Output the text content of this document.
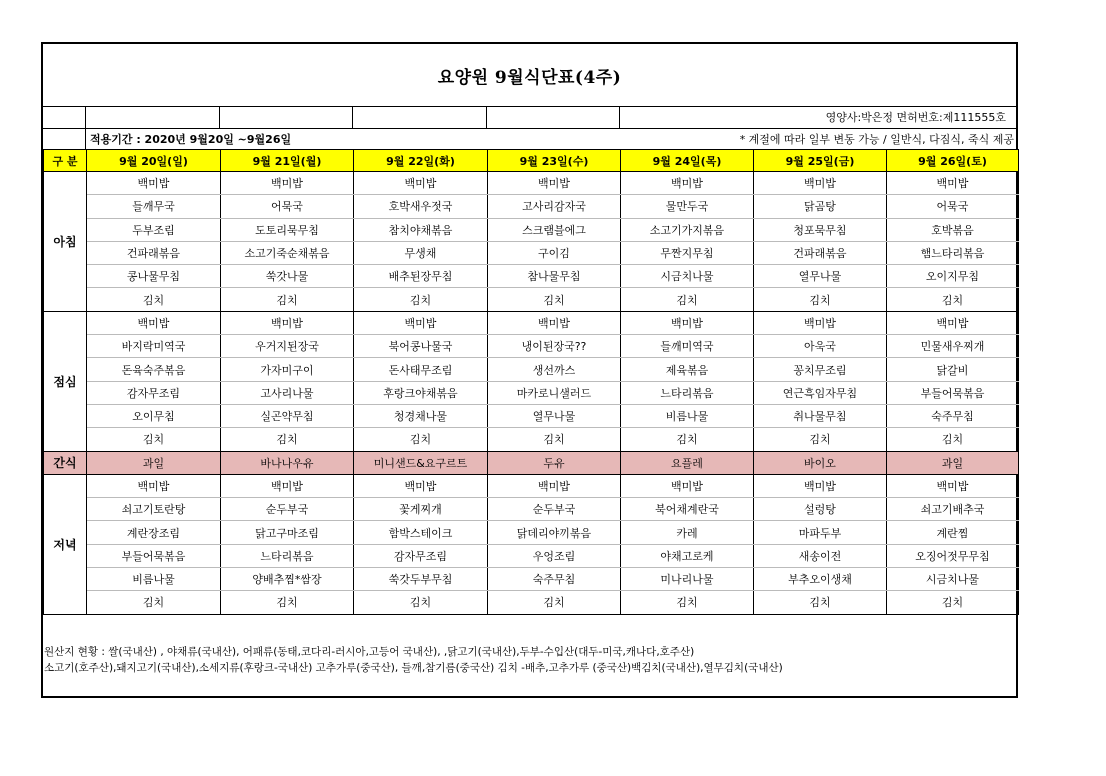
요양원 9월식단표(4주)
영양사:박은정 면허번호:제111555호
적용기간 : 2020년 9월20일 ~9월26일	* 계절에 따라 일부 변동 가능 / 일반식, 다짐식, 죽식 제공
구 분	9월 20일(일)	9월 21일(월)	9월 22일(화)	9월 23일(수)	9월 24일(목)	9월 25일(금)	9월 26일(토)
아침	백미밥	백미밥	백미밥	백미밥	백미밥	백미밥	백미밥
	들깨무국	어묵국	호박새우젓국	고사리감자국	물만두국	닭곰탕	어묵국
	두부조림	도토리묵무침	참치야채볶음	스크램블에그	소고기가지볶음	청포묵무침	호박볶음
	건파래볶음	소고기죽순채볶음	무생채	구이김	무짠지무침	건파래볶음	햄느타리볶음
	콩나물무침	쑥갓나물	배추된장무침	참나물무침	시금치나물	열무나물	오이지무침
	김치	김치	김치	김치	김치	김치	김치
점심	백미밥	백미밥	백미밥	백미밥	백미밥	백미밥	백미밥
	바지락미역국	우거지된장국	북어콩나물국	냉이된장국??	들깨미역국	아욱국	민물새우찌개
	돈육숙주볶음	가자미구이	돈사태무조림	생선까스	제육볶음	꽁치무조림	닭갈비
	감자무조림	고사리나물	후랑크야채볶음	마카로니샐러드	느타리볶음	연근흑임자무침	부들어묵볶음
	오이무침	실곤약무침	청경채나물	열무나물	비름나물	취나물무침	숙주무침
	김치	김치	김치	김치	김치	김치	김치
간식	과일	바나나우유	미니샌드&요구르트	두유	요플레	바이오	과일
저녁	백미밥	백미밥	백미밥	백미밥	백미밥	백미밥	백미밥
	쇠고기토란탕	순두부국	꽃게찌개	순두부국	북어채계란국	설렁탕	쇠고기배추국
	계란장조림	닭고구마조림	함박스테이크	닭데리야끼볶음	카레	마파두부	계란찜
	부들어묵볶음	느타리볶음	감자무조림	우엉조림	야채고로케	새송이전	오징어젓무무침
	비름나물	양배추찜*쌈장	쑥갓두부무침	숙주무침	미나리나물	부추오이생채	시금치나물
	김치	김치	김치	김치	김치	김치	김치
원산지 현황 : 쌀(국내산) , 야채류(국내산), 어패류(동태,코다리-러시아,고등어 국내산), ,닭고기(국내산),두부-수입산(대두-미국,캐나다,호주산)
소고기(호주산),돼지고기(국내산),소세지류(후랑크-국내산) 고추가루(중국산), 들깨,참기름(중국산) 김치 -배추,고추가루 (중국산)백김치(국내산),열무김치(국내산)
